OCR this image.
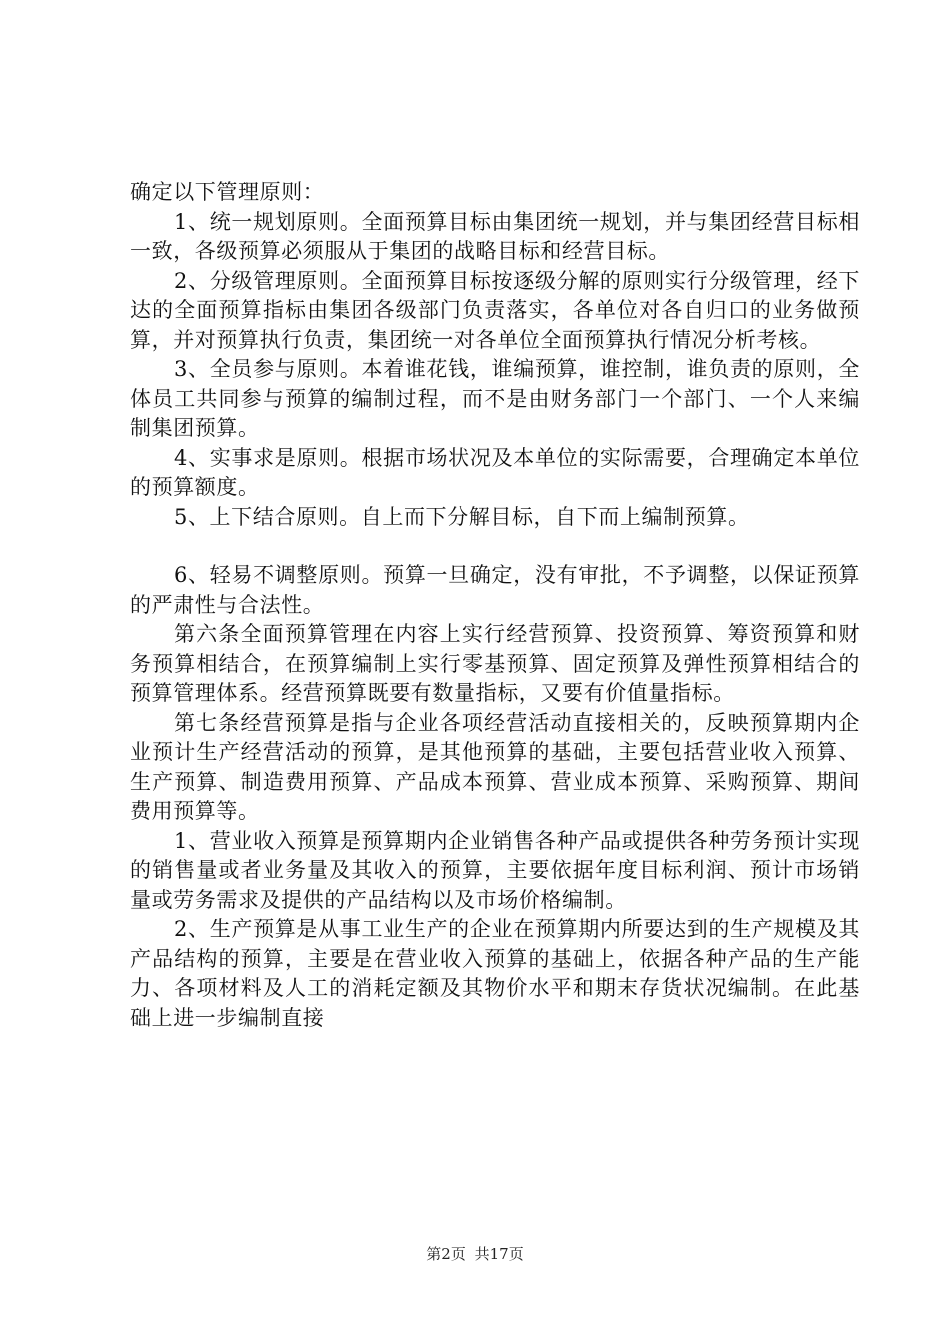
确定以下管理原则：

1、统一规划原则。全面预算目标由集团统一规划，并与集团经营目标相一致，各级预算必须服从于集团的战略目标和经营目标。

2、分级管理原则。全面预算目标按逐级分解的原则实行分级管理，经下达的全面预算指标由集团各级部门负责落实，各单位对各自归口的业务做预算，并对预算执行负责，集团统一对各单位全面预算执行情况分析考核。

3、全员参与原则。本着谁花钱，谁编预算，谁控制，谁负责的原则，全体员工共同参与预算的编制过程，而不是由财务部门一个部门、一个人来编制集团预算。

4、实事求是原则。根据市场状况及本单位的实际需要，合理确定本单位的预算额度。

5、上下结合原则。自上而下分解目标，自下而上编制预算。

6、轻易不调整原则。预算一旦确定，没有审批，不予调整，以保证预算的严肃性与合法性。

第六条全面预算管理在内容上实行经营预算、投资预算、筹资预算和财务预算相结合，在预算编制上实行零基预算、固定预算及弹性预算相结合的预算管理体系。经营预算既要有数量指标，又要有价值量指标。

第七条经营预算是指与企业各项经营活动直接相关的，反映预算期内企业预计生产经营活动的预算，是其他预算的基础，主要包括营业收入预算、生产预算、制造费用预算、产品成本预算、营业成本预算、采购预算、期间费用预算等。

1、营业收入预算是预算期内企业销售各种产品或提供各种劳务预计实现的销售量或者业务量及其收入的预算，主要依据年度目标利润、预计市场销量或劳务需求及提供的产品结构以及市场价格编制。

2、生产预算是从事工业生产的企业在预算期内所要达到的生产规模及其产品结构的预算，主要是在营业收入预算的基础上，依据各种产品的生产能力、各项材料及人工的消耗定额及其物价水平和期末存货状况编制。在此基础上进一步编制直接

第2页 共17页
